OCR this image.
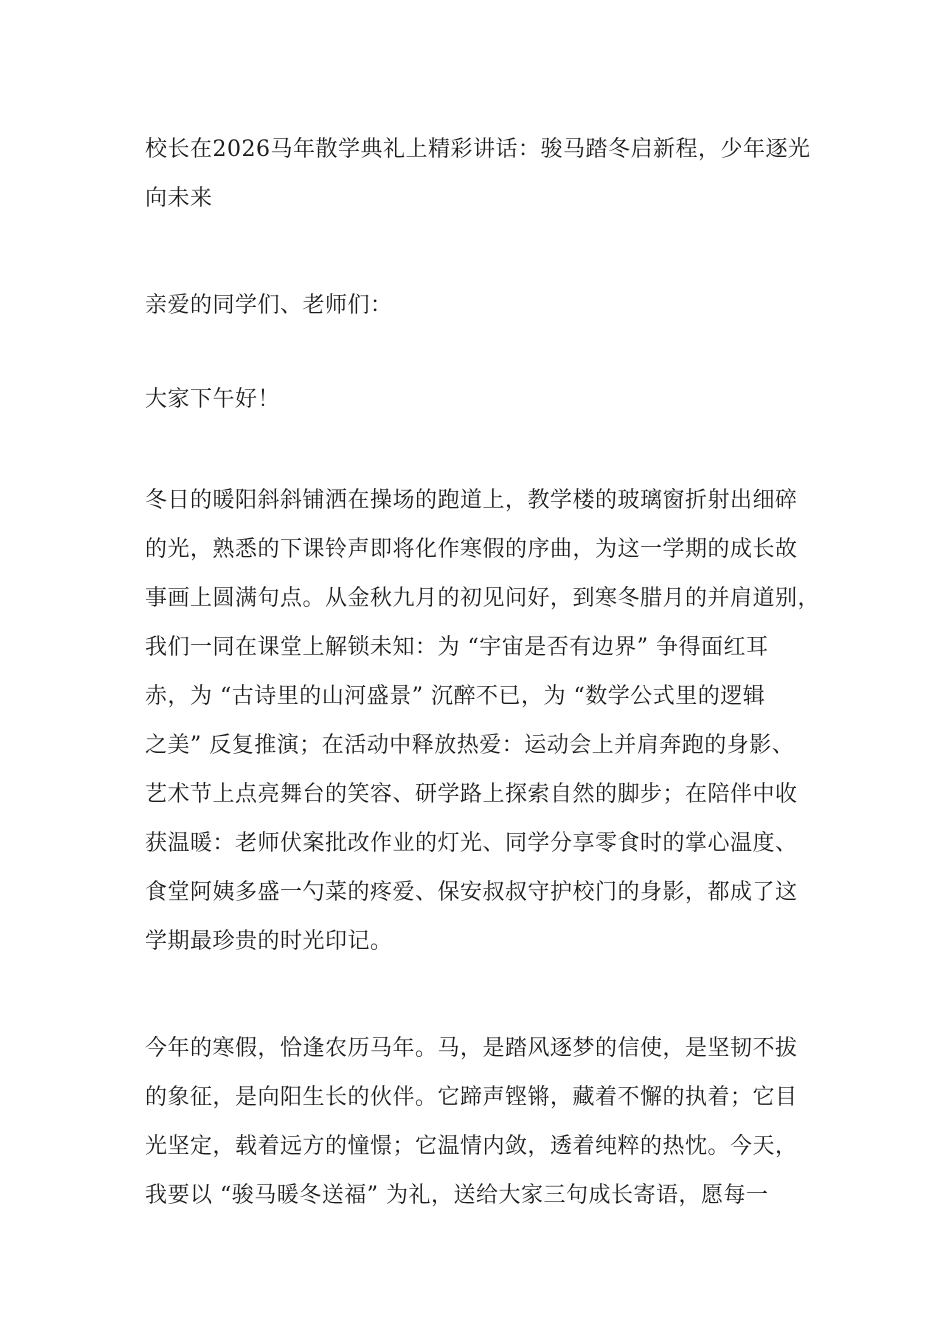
校长在2026马年散学典礼上精彩讲话：骏马踏冬启新程，少年逐光
向未来
亲爱的同学们、老师们：
大家下午好！
冬日的暖阳斜斜铺洒在操场的跑道上，教学楼的玻璃窗折射出细碎
的光，熟悉的下课铃声即将化作寒假的序曲，为这一学期的成长故
事画上圆满句点。从金秋九月的初见问好，到寒冬腊月的并肩道别，
我们一同在课堂上解锁未知：为 “宇宙是否有边界” 争得面红耳
赤，为 “古诗里的山河盛景” 沉醉不已，为 “数学公式里的逻辑
之美” 反复推演；在活动中释放热爱：运动会上并肩奔跑的身影、
艺术节上点亮舞台的笑容、研学路上探索自然的脚步；在陪伴中收
获温暖：老师伏案批改作业的灯光、同学分享零食时的掌心温度、
食堂阿姨多盛一勺菜的疼爱、保安叔叔守护校门的身影，都成了这
学期最珍贵的时光印记。
今年的寒假，恰逢农历马年。马，是踏风逐梦的信使，是坚韧不拔
的象征，是向阳生长的伙伴。它蹄声铿锵，藏着不懈的执着；它目
光坚定，载着远方的憧憬；它温情内敛，透着纯粹的热忱。今天，
我要以 “骏马暖冬送福” 为礼，送给大家三句成长寄语，愿每一
